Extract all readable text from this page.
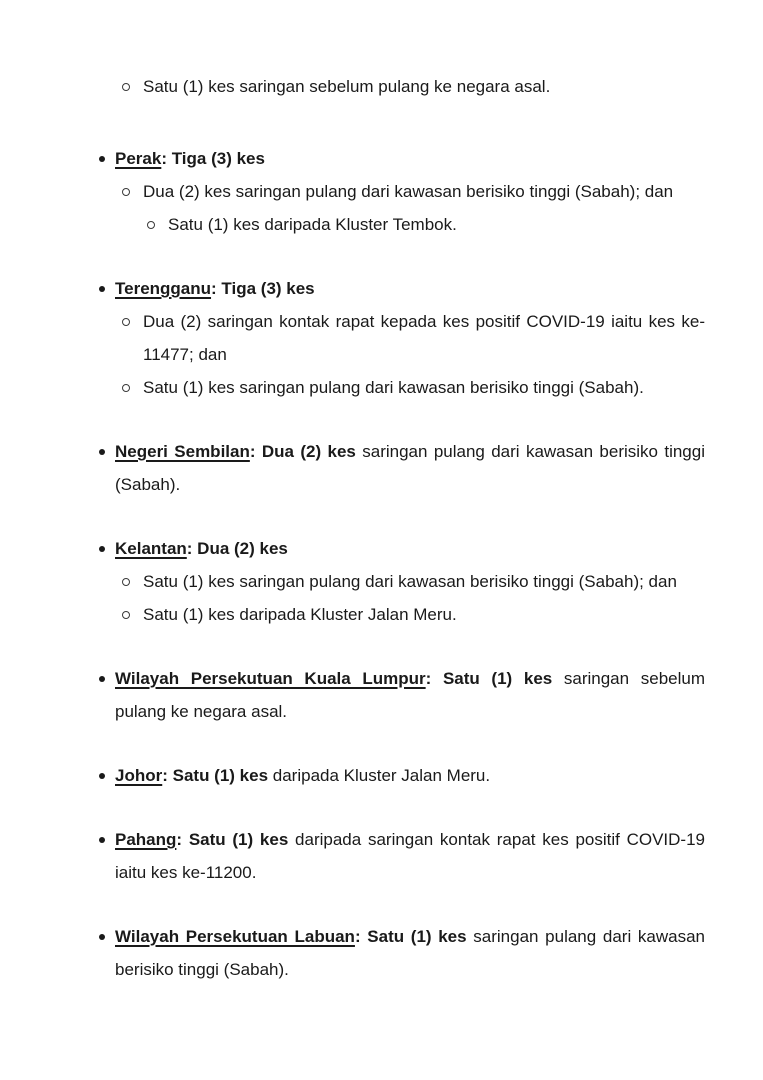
Satu (1) kes saringan sebelum pulang ke negara asal.

Perak: Tiga (3) kes

Dua (2) kes saringan pulang dari kawasan berisiko tinggi (Sabah); dan

Satu (1) kes daripada Kluster Tembok.

Terengganu: Tiga (3) kes

Dua (2) saringan kontak rapat kepada kes positif COVID-19 iaitu kes ke-11477; dan

Satu (1) kes saringan pulang dari kawasan berisiko tinggi (Sabah).

Negeri Sembilan: Dua (2) kes saringan pulang dari kawasan berisiko tinggi (Sabah).

Kelantan: Dua (2) kes

Satu (1) kes saringan pulang dari kawasan berisiko tinggi (Sabah); dan

Satu (1) kes daripada Kluster Jalan Meru.

Wilayah Persekutuan Kuala Lumpur: Satu (1) kes saringan sebelum pulang ke negara asal.

Johor: Satu (1) kes daripada Kluster Jalan Meru.

Pahang: Satu (1) kes daripada saringan kontak rapat kes positif COVID-19 iaitu kes ke-11200.

Wilayah Persekutuan Labuan: Satu (1) kes saringan pulang dari kawasan berisiko tinggi (Sabah).
